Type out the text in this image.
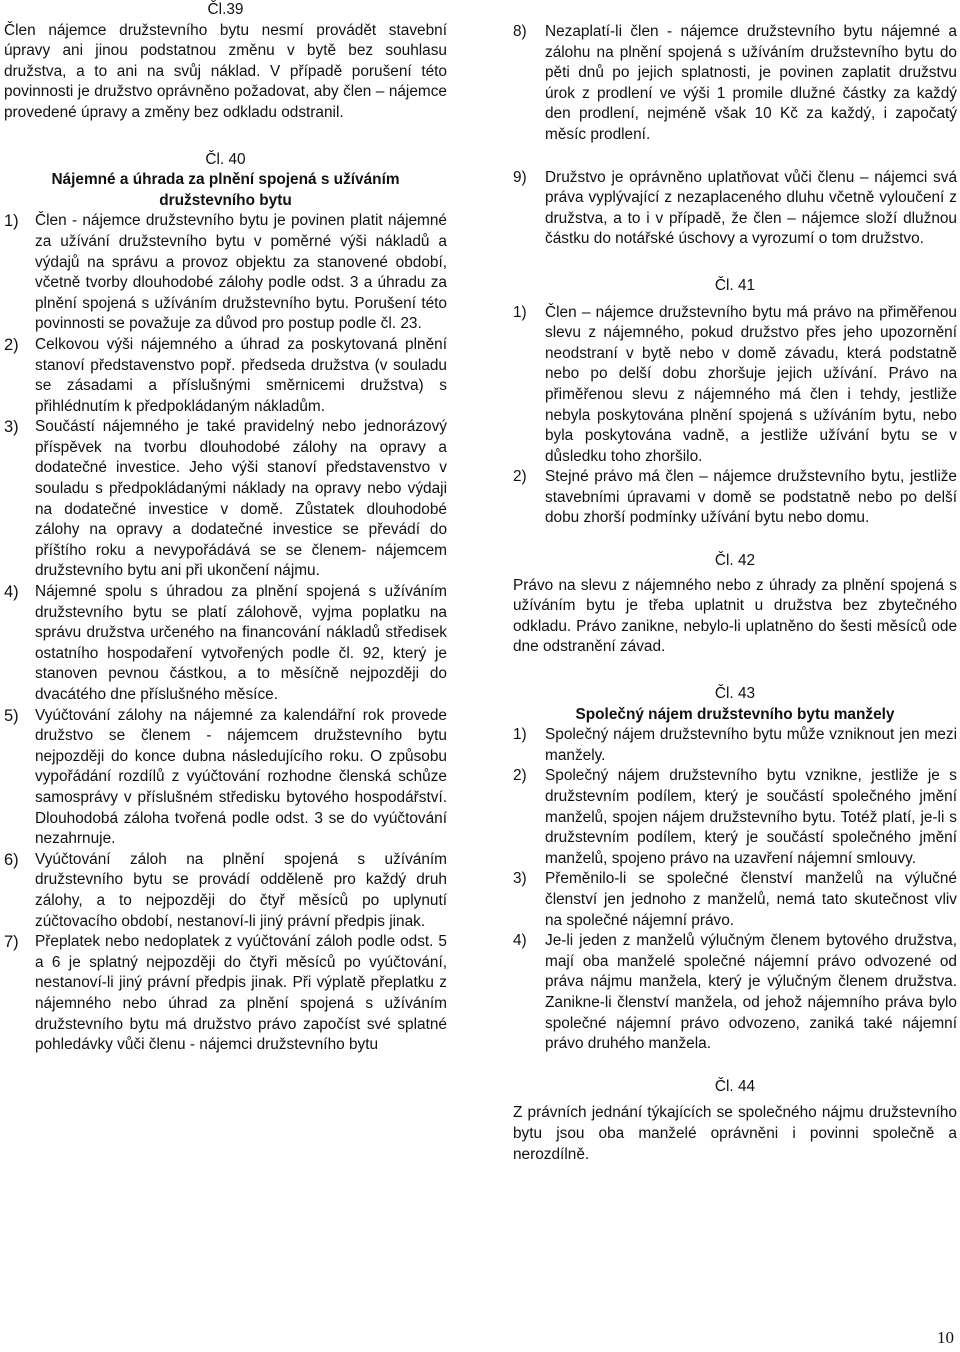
Čl.39

Člen nájemce družstevního bytu nesmí provádět stavební úpravy ani jinou podstatnou změnu v bytě bez souhlasu družstva, a to ani na svůj náklad. V případě porušení této povinnosti je družstvo oprávněno požadovat, aby člen – nájemce provedené úpravy a změny bez odkladu odstranil.

Čl. 40

Nájemné a úhrada za plnění spojená s užíváním družstevního bytu

1) Člen - nájemce družstevního bytu je povinen platit nájemné za užívání družstevního bytu v poměrné výši nákladů a výdajů na správu a provoz objektu za stanovené období, včetně tvorby dlouhodobé zálohy podle odst. 3 a úhradu za plnění spojená s užíváním družstevního bytu. Porušení této povinnosti se považuje za důvod pro postup podle čl. 23.
2) Celkovou výši nájemného a úhrad za poskytovaná plnění stanoví představenstvo popř. předseda družstva (v souladu se zásadami a příslušnými směrnicemi družstva) s přihlédnutím k předpokládaným nákladům.
3) Součástí nájemného je také pravidelný nebo jednorázový příspěvek na tvorbu dlouhodobé zálohy na opravy a dodatečné investice. Jeho výši stanoví představenstvo v souladu s předpokládanými náklady na opravy nebo výdaji na dodatečné investice v domě. Zůstatek dlouhodobé zálohy na opravy a dodatečné investice se převádí do příštího roku a nevypořádává se se členem- nájemcem družstevního bytu ani při ukončení nájmu.
4) Nájemné spolu s úhradou za plnění spojená s užíváním družstevního bytu se platí zálohově, vyjma poplatku na správu družstva určeného na financování nákladů středisek ostatního hospodaření vytvořených podle čl. 92, který je stanoven pevnou částkou, a to měsíčně nejpozději do dvacátého dne příslušného měsíce.
5) Vyúčtování zálohy na nájemné za kalendářní rok provede družstvo se členem - nájemcem družstevního bytu nejpozději do konce dubna následujícího roku. O způsobu vypořádání rozdílů z vyúčtování rozhodne členská schůze samosprávy v příslušném středisku bytového hospodářství. Dlouhodobá záloha tvořená podle odst. 3 se do vyúčtování nezahrnuje.
6) Vyúčtování záloh na plnění spojená s užíváním družstevního bytu se provádí odděleně pro každý druh zálohy, a to nejpozději do čtyř měsíců po uplynutí zúčtovacího období, nestanoví-li jiný právní předpis jinak.
7) Přeplatek nebo nedoplatek z vyúčtování záloh podle odst. 5 a 6 je splatný nejpozději do čtyři měsíců po vyúčtování, nestanoví-li jiný právní předpis jinak. Při výplatě přeplatku z nájemného nebo úhrad za plnění spojená s užíváním družstevního bytu má družstvo právo započíst své splatné pohledávky vůči členu - nájemci družstevního bytu
8) Nezaplatí-li člen - nájemce družstevního bytu nájemné a zálohu na plnění spojená s užíváním družstevního bytu do pěti dnů po jejich splatnosti, je povinen zaplatit družstvu úrok z prodlení ve výši 1 promile dlužné částky za každý den prodlení, nejméně však 10 Kč za každý, i započatý měsíc prodlení.
9) Družstvo je oprávněno uplatňovat vůči členu – nájemci svá práva vyplývající z nezaplaceného dluhu včetně vyloučení z družstva, a to i v případě, že člen – nájemce složí dlužnou částku do notářské úschovy a vyrozumí o tom družstvo.

Čl. 41

1) Člen – nájemce družstevního bytu má právo na přiměřenou slevu z nájemného, pokud družstvo přes jeho upozornění neodstraní v bytě nebo v domě závadu, která podstatně nebo po delší dobu zhoršuje jejich užívání. Právo na přiměřenou slevu z nájemného má člen i tehdy, jestliže nebyla poskytována plnění spojená s užíváním bytu, nebo byla poskytována vadně, a jestliže užívání bytu se v důsledku toho zhoršilo.
2) Stejné právo má člen – nájemce družstevního bytu, jestliže stavebními úpravami v domě se podstatně nebo po delší dobu zhorší podmínky užívání bytu nebo domu.

Čl. 42

Právo na slevu z nájemného nebo z úhrady za plnění spojená s užíváním bytu je třeba uplatnit u družstva bez zbytečného odkladu. Právo zanikne, nebylo-li uplatněno do šesti měsíců ode dne odstranění závad.

Čl. 43

Společný nájem družstevního bytu manžely

1) Společný nájem družstevního bytu může vzniknout jen mezi manžely.
2) Společný nájem družstevního bytu vznikne, jestliže je s družstevním podílem, který je součástí společného jmění manželů, spojen nájem družstevního bytu. Totéž platí, je-li s družstevním podílem, který je součástí společného jmění manželů, spojeno právo na uzavření nájemní smlouvy.
3) Přeměnilo-li se společné členství manželů na výlučné členství jen jednoho z manželů, nemá tato skutečnost vliv na společné nájemní právo.
4) Je-li jeden z manželů výlučným členem bytového družstva, mají oba manželé společné nájemní právo odvozené od práva nájmu manžela, který je výlučným členem družstva. Zanikne-li členství manžela, od jehož nájemního práva bylo společné nájemní právo odvozeno, zaniká také nájemní právo druhého manžela.

Čl. 44

Z právních jednání týkajících se společného nájmu družstevního bytu jsou oba manželé oprávněni i povinni společně a nerozdílně.

10
